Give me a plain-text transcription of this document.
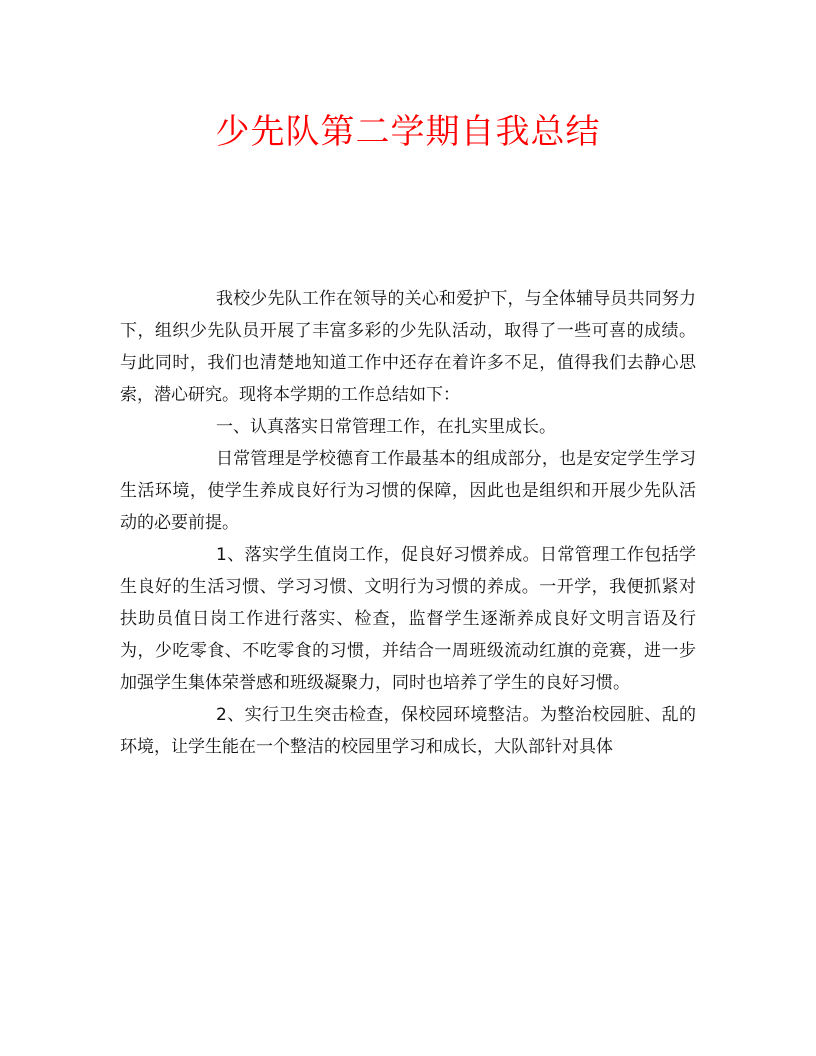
少先队第二学期自我总结

我校少先队工作在领导的关心和爱护下，与全体辅导员共同努力下，组织少先队员开展了丰富多彩的少先队活动，取得了一些可喜的成绩。与此同时，我们也清楚地知道工作中还存在着许多不足，值得我们去静心思索，潜心研究。现将本学期的工作总结如下：

一、认真落实日常管理工作，在扎实里成长。

日常管理是学校德育工作最基本的组成部分，也是安定学生学习生活环境，使学生养成良好行为习惯的保障，因此也是组织和开展少先队活动的必要前提。

1、落实学生值岗工作，促良好习惯养成。日常管理工作包括学生良好的生活习惯、学习习惯、文明行为习惯的养成。一开学，我便抓紧对扶助员值日岗工作进行落实、检查，监督学生逐渐养成良好文明言语及行为，少吃零食、不吃零食的习惯，并结合一周班级流动红旗的竞赛，进一步加强学生集体荣誉感和班级凝聚力，同时也培养了学生的良好习惯。

2、实行卫生突击检查，保校园环境整洁。为整治校园脏、乱的环境，让学生能在一个整洁的校园里学习和成长，大队部针对具体
